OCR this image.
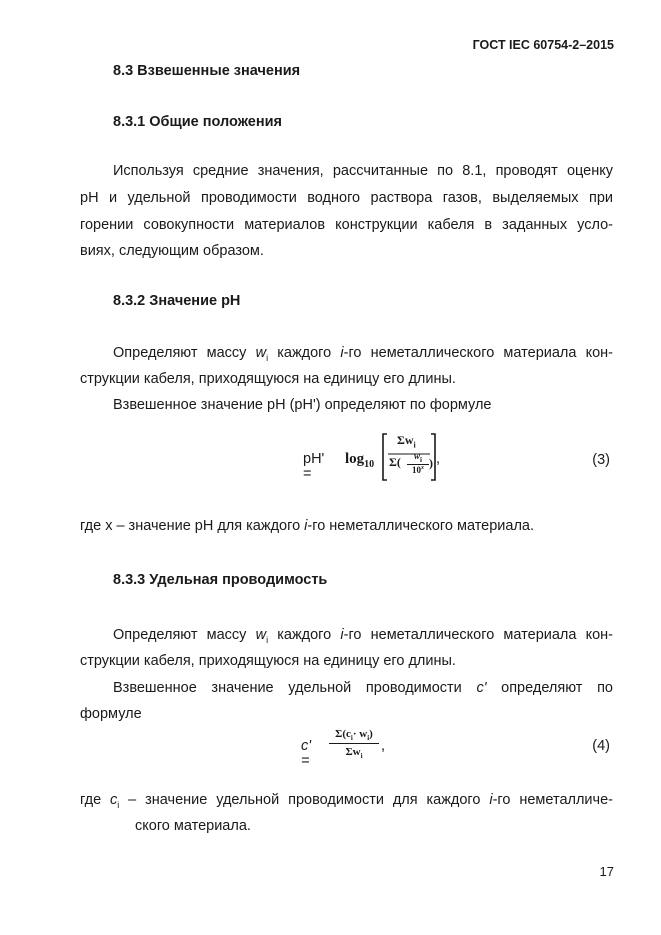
ГОСТ IEC 60754-2–2015
8.3 Взвешенные значения
8.3.1 Общие положения
Используя средние значения, рассчитанные по 8.1, проводят оценку
рН и удельной проводимости водного раствора газов, выделяемых при
горении совокупности материалов конструкции кабеля в заданных усло-
виях, следующим образом.
8.3.2 Значение рН
Определяют массу $w_i$ каждого i-го неметаллического материала кон-
струкции кабеля, приходящуюся на единицу его длины.
Взвешенное значение рН (рН') определяют по формуле
рН' =
$\log_{10}$
$\Sigma w_i$
Σ(	$w_i$
10$^x$ ) ,	(3)
где х – значение рН для каждого i-го неметаллического материала.
8.3.3 Удельная проводимость
Определяют массу $w_i$ каждого i-го неметаллического материала кон-
струкции кабеля, приходящуюся на единицу его длины.
Взвешенное значение удельной проводимости c' определяют по
формуле
c' =
$\Sigma(c_i\cdot w_i)$
$\Sigma w_i$
,	(4)
где $c_i$ – значение удельной проводимости для каждого i-го неметалличе-
ского материала.
17
